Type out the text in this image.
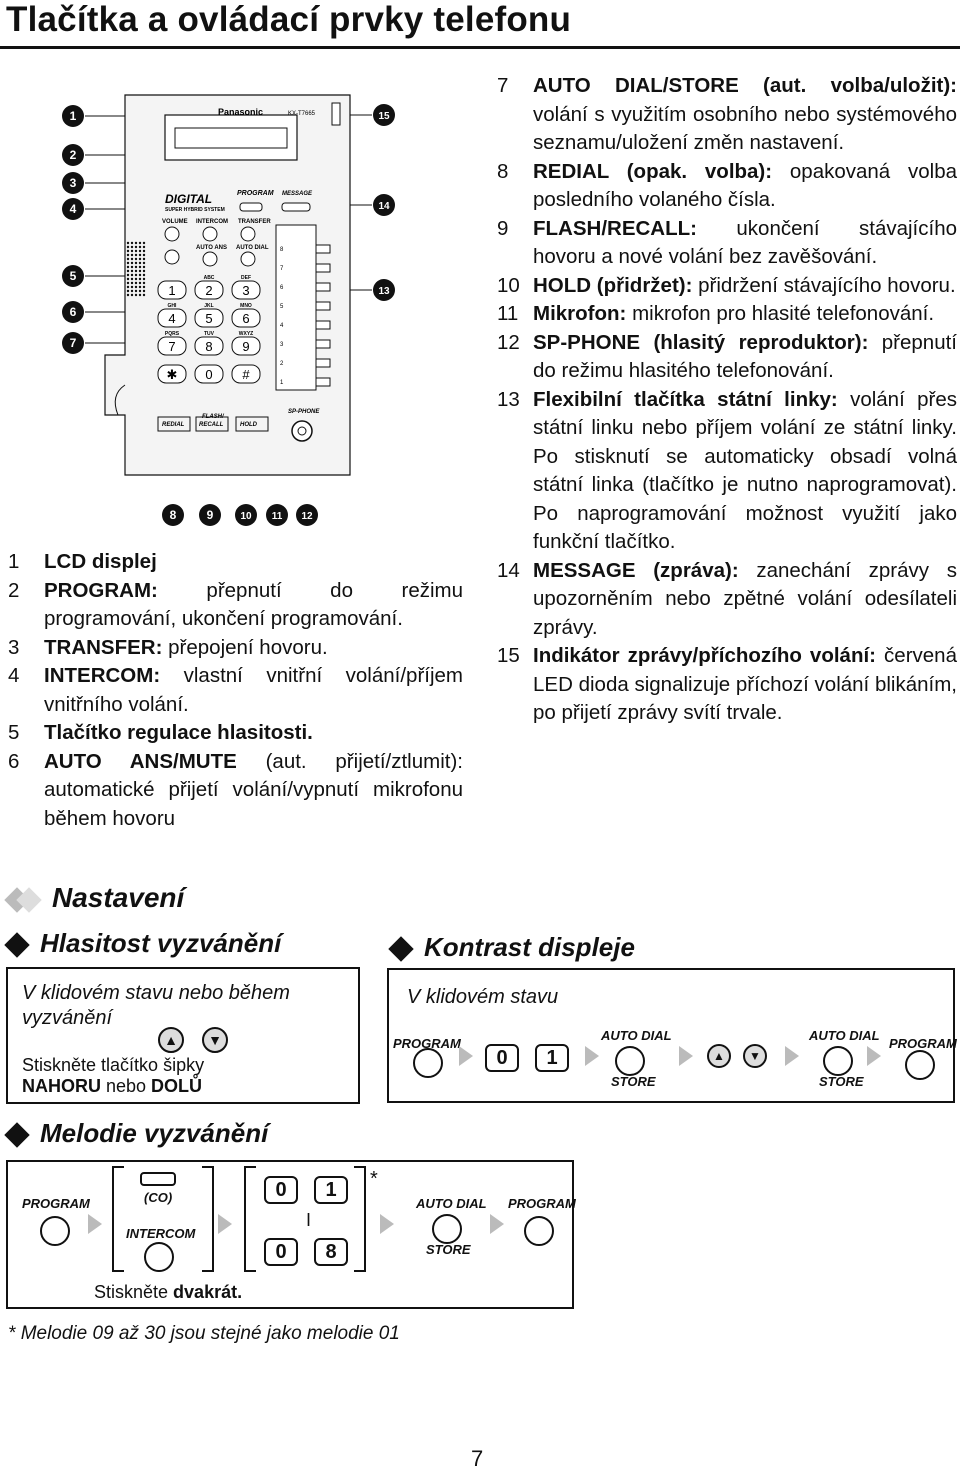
Tlačítka a ovládací prvky telefonu
1
2
3
4
5
6
7
Panasonic	KX-T7665
DIGITAL
SUPER HYBRID SYSTEM
PROGRAM MESSAGE
VOLUME INTERCOM TRANSFER
AUTO ANS AUTO DIAL
1 2
ABC
3
DEF
4
GHI
5
JKL
6
MNO
7
PQRS
8
TUV
9
WXYZ
✱ 0 #
8
7
6
5
4
3
2
1
REDIAL
FLASH/
RECALL	HOLD
SP-PHONE
15
14
13
8	9	10 11 12
1	LCD displej
2	PROGRAM: přepnutí do režimu programování, ukončení programování.
3	TRANSFER: přepojení hovoru.
4	INTERCOM: vlastní vnitřní volání/příjem vnitřního volání.
5	Tlačítko regulace hlasitosti.
6	AUTO ANS/MUTE (aut. přijetí/ztlumit): automatické přijetí volání/vypnutí mikrofonu během hovoru
7	AUTO DIAL/STORE (aut. volba/uložit): volání s využitím osobního nebo systémového seznamu/uložení změn nastavení.
8	REDIAL (opak. volba): opakovaná volba posledního volaného čísla.
9	FLASH/RECALL: ukončení stávajícího hovoru a nové volání bez zavěšování.
10 HOLD (přidržet): přidržení stávajícího hovoru.
11 Mikrofon: mikrofon pro hlasité telefonování.
12 SP-PHONE (hlasitý reproduktor): přepnutí do režimu hlasitého telefonování.
13 Flexibilní tlačítka státní linky: volání přes státní linku nebo příjem volání ze státní linky. Po stisknutí se automaticky obsadí volná státní linka (tlačítko je nutno naprogramovat). Po naprogramování možnost využití jako funkční tlačítko.
14 MESSAGE (zpráva): zanechání zprávy s upozorněním nebo zpětné volání odesílateli zprávy.
15 Indikátor zprávy/příchozího volání: červená LED dioda signalizuje příchozí volání blikáním, po přijetí zprávy svítí trvale.
Nastavení
Hlasitost vyzvánění
V klidovém stavu nebo během vyzvánění
▲	▼
Stiskněte tlačítko šipky
NAHORU nebo DOLŮ
Kontrast displeje
V klidovém stavu
PROGRAM
0	1
AUTO DIAL
STORE
▲	▼
AUTO DIAL
STORE
PROGRAM
Melodie vyzvánění
PROGRAM	(CO)
INTERCOM
Stiskněte dvakrát.
0	1
I
0	8
*
AUTO DIAL
STORE
PROGRAM
* Melodie 09 až 30 jsou stejné jako melodie 01
7
